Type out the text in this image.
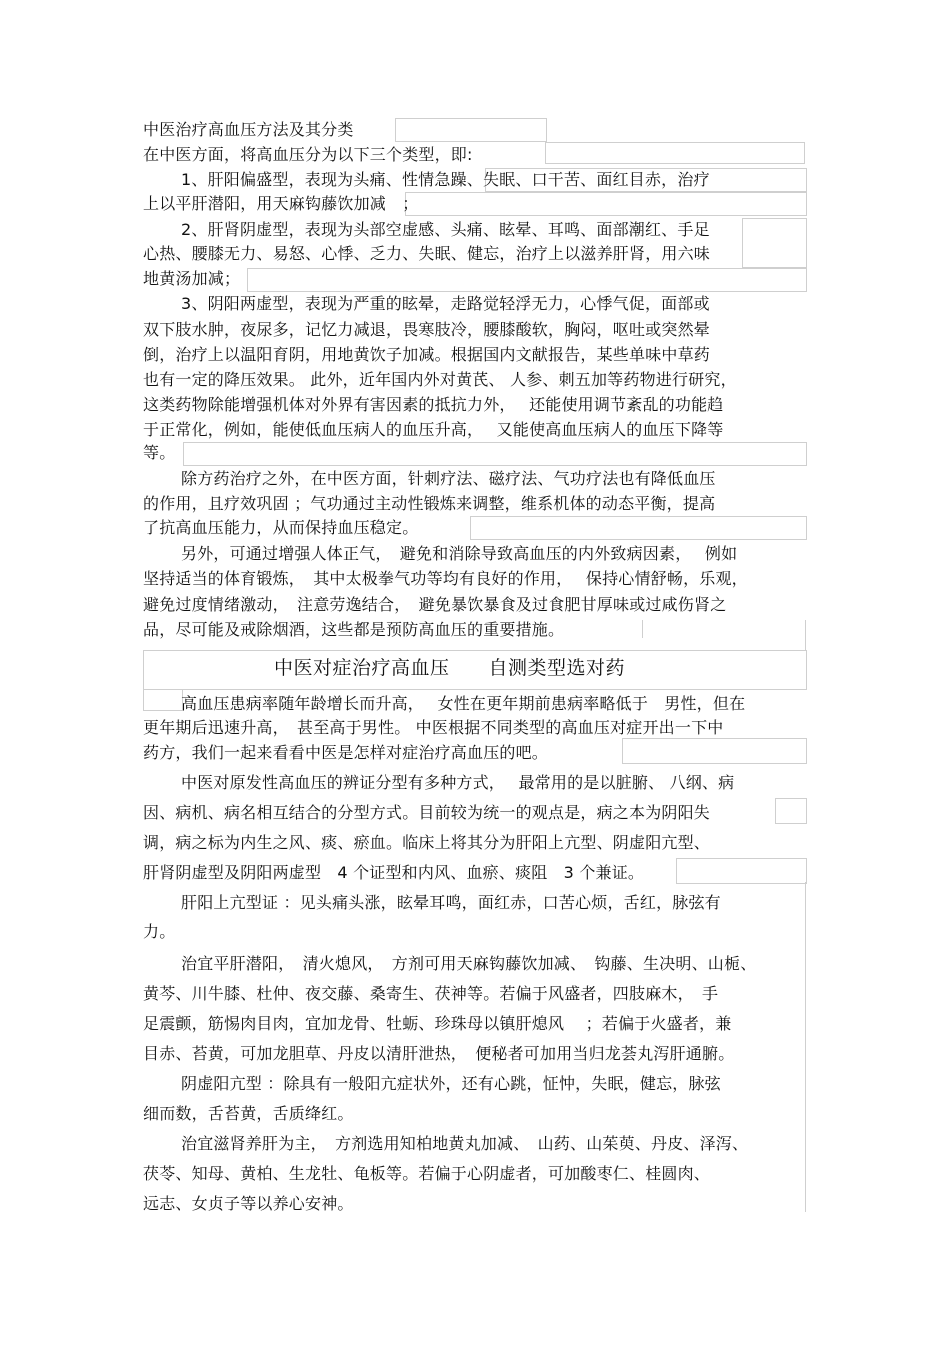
中医治疗高血压方法及其分类
在中医方面，将高血压分为以下三个类型，即:
1、肝阳偏盛型，表现为头痛、性情急躁、失眠、口干苦、面红目赤，治疗
上以平肝潜阳，用天麻钩藤饮加减　；
2、肝肾阴虚型，表现为头部空虚感、头痛、眩晕、耳鸣、面部潮红、手足
心热、腰膝无力、易怒、心悸、乏力、失眠、健忘，治疗上以滋养肝肾，用六味
地黄汤加减；
3、阴阳两虚型，表现为严重的眩晕，走路觉轻浮无力，心悸气促，面部或
双下肢水肿，夜尿多，记忆力减退，畏寒肢冷，腰膝酸软，胸闷，呕吐或突然晕
倒，治疗上以温阳育阴，用地黄饮子加减。根据国内文献报告，某些单味中草药
也有一定的降压效果。 此外，近年国内外对黄芪、 人参、刺五加等药物进行研究，
这类药物除能增强机体对外界有害因素的抵抗力外，　 还能使用调节紊乱的功能趋
于正常化，例如，能使低血压病人的血压升高，　 又能使高血压病人的血压下降等
等。
除方药治疗之外，在中医方面，针刺疗法、磁疗法、气功疗法也有降低血压
的作用，且疗效巩固 ；气功通过主动性锻炼来调整，维系机体的动态平衡，提高
了抗高血压能力，从而保持血压稳定。
另外，可通过增强人体正气，　避免和消除导致高血压的内外致病因素，　 例如
坚持适当的体育锻炼，　其中太极拳气功等均有良好的作用，　 保持心情舒畅，乐观，
避免过度情绪激动，　注意劳逸结合，　避免暴饮暴食及过食肥甘厚味或过咸伤肾之
品，尽可能及戒除烟酒，这些都是预防高血压的重要措施。
中医对症治疗高血压　　自测类型选对药
高血压患病率随年龄增长而升高，　 女性在更年期前患病率略低于　男性，但在
更年期后迅速升高，　甚至高于男性。 中医根据不同类型的高血压对症开出一下中
药方，我们一起来看看中医是怎样对症治疗高血压的吧。
中医对原发性高血压的辨证分型有多种方式，　 最常用的是以脏腑、 八纲、病
因、病机、病名相互结合的分型方式。目前较为统一的观点是，病之本为阴阳失
调，病之标为内生之风、痰、瘀血。临床上将其分为肝阳上亢型、阴虚阳亢型、
肝肾阴虚型及阴阳两虚型　4 个证型和内风、血瘀、痰阻　3 个兼证。
肝阳上亢型证 ：见头痛头涨，眩晕耳鸣，面红赤，口苦心烦，舌红，脉弦有
力。
治宜平肝潜阳，　清火熄风，　方剂可用天麻钩藤饮加减、　钩藤、生决明、山栀、
黄芩、川牛膝、杜仲、夜交藤、桑寄生、茯神等。若偏于风盛者，四肢麻木，　手
足震颤，筋惕肉目肉，宜加龙骨、牡蛎、珍珠母以镇肝熄风　 ；若偏于火盛者，兼
目赤、苔黄，可加龙胆草、丹皮以清肝泄热，　便秘者可加用当归龙荟丸泻肝通腑。
阴虚阳亢型 ：除具有一般阳亢症状外，还有心跳，怔忡，失眠，健忘，脉弦
细而数，舌苔黄，舌质绛红。
治宜滋肾养肝为主，　方剂选用知柏地黄丸加减、　山药、山茱萸、丹皮、泽泻、
茯苓、知母、黄柏、生龙牡、龟板等。若偏于心阴虚者，可加酸枣仁、桂圆肉、
远志、女贞子等以养心安神。
